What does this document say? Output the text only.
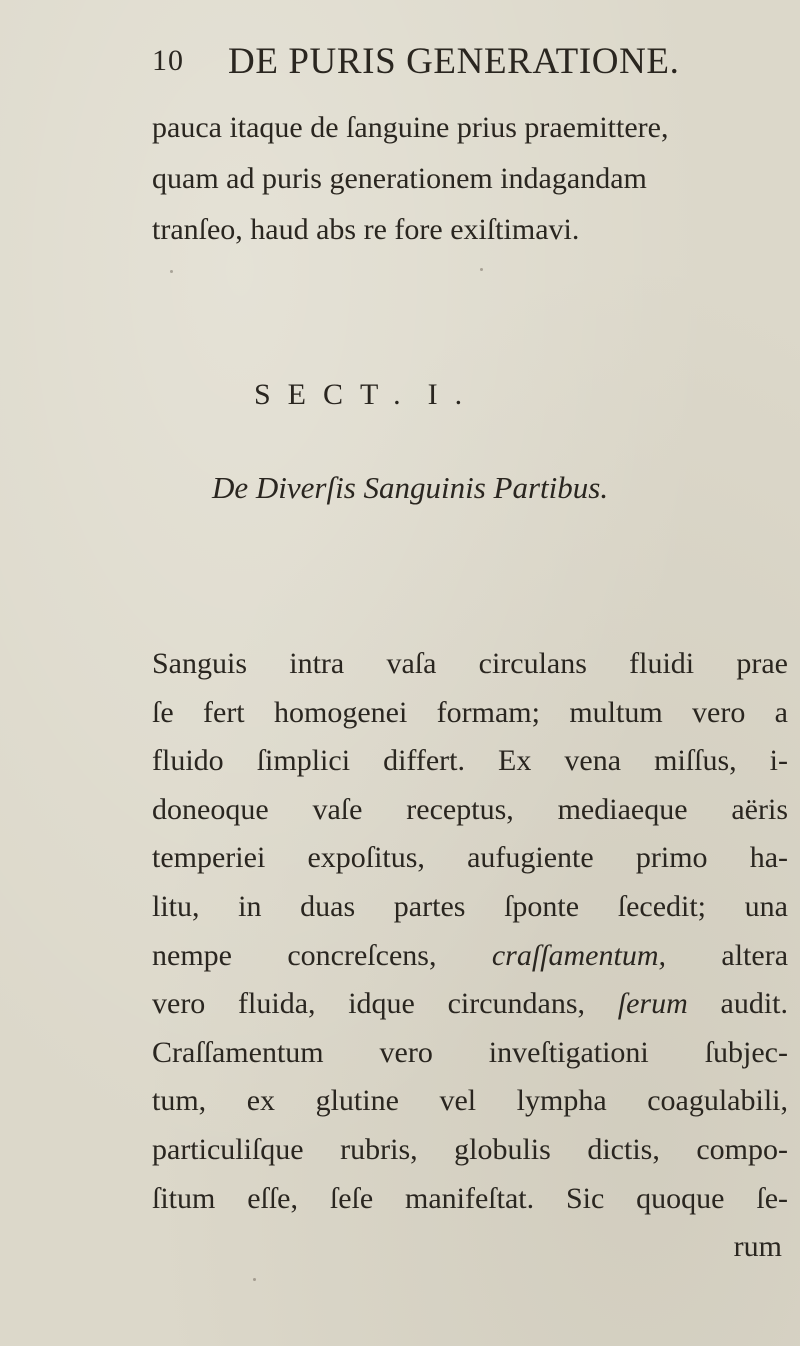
10 DE PURIS GENERATIONE.
pauca itaque de ſanguine prius praemittere,
quam ad puris generationem indagandam
tranſeo, haud abs re fore exiſtimavi.
SECT. I.
De Diverſis Sanguinis Partibus.
Sanguis intra vaſa circulans fluidi prae
ſe fert homogenei formam; multum vero a
fluido ſimplici differt. Ex vena miſſus, i-
doneoque vaſe receptus, mediaeque aëris
temperiei expoſitus, aufugiente primo ha-
litu, in duas partes ſponte ſecedit; una
nempe concreſcens, craſſamentum, altera
vero fluida, idque circundans, ſerum audit.
Craſſamentum vero inveſtigationi ſubjec-
tum, ex glutine vel lympha coagulabili,
particuliſque rubris, globulis dictis, compo-
ſitum eſſe, ſeſe manifeſtat. Sic quoque ſe-
rum
